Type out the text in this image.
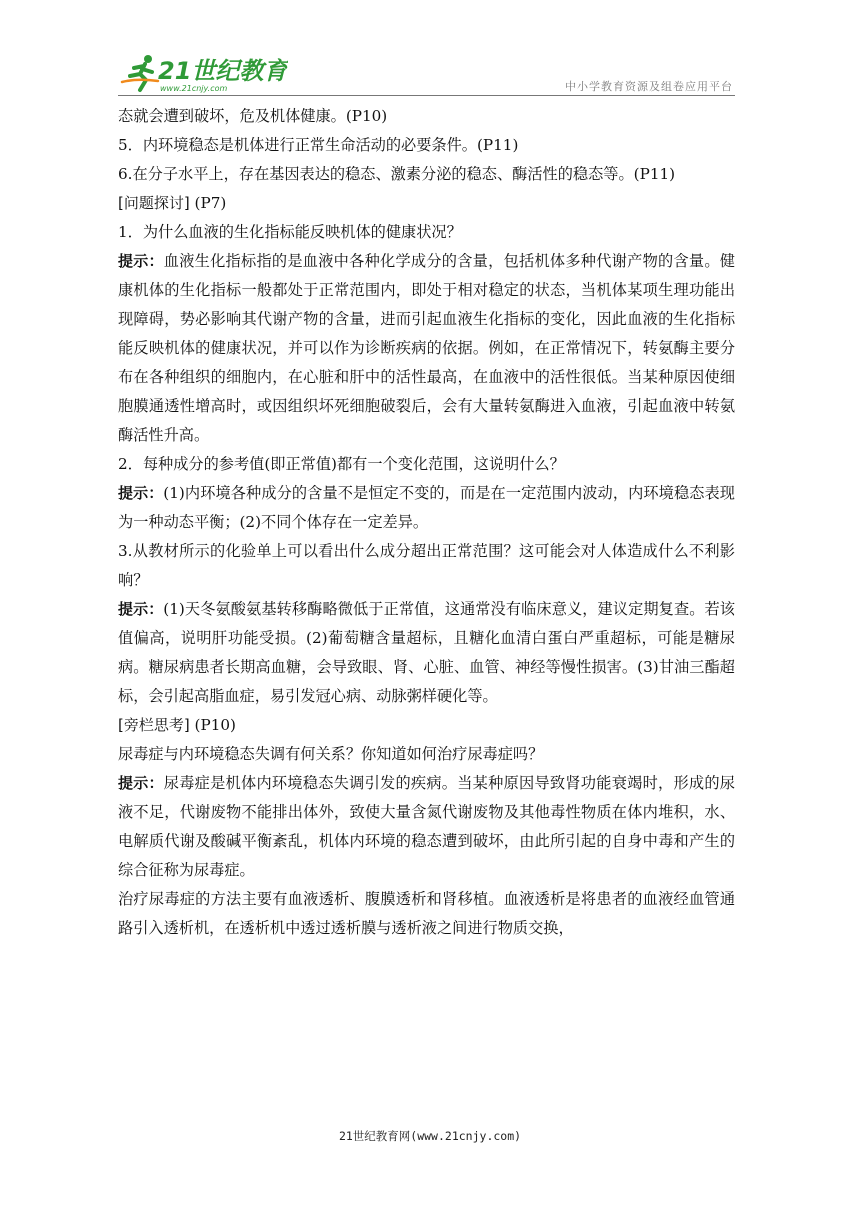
21世纪教育
www.21cnjy.com	中小学教育资源及组卷应用平台

态就会遭到破坏，危及机体健康。(P10)

5．内环境稳态是机体进行正常生命活动的必要条件。(P11)

6.在分子水平上，存在基因表达的稳态、激素分泌的稳态、酶活性的稳态等。(P11)

[问题探讨] (P7)

1．为什么血液的生化指标能反映机体的健康状况？

提示：血液生化指标指的是血液中各种化学成分的含量，包括机体多种代谢产物的含量。健康机体的生化指标一般都处于正常范围内，即处于相对稳定的状态，当机体某项生理功能出现障碍，势必影响其代谢产物的含量，进而引起血液生化指标的变化，因此血液的生化指标能反映机体的健康状况，并可以作为诊断疾病的依据。例如，在正常情况下，转氨酶主要分布在各种组织的细胞内，在心脏和肝中的活性最高，在血液中的活性很低。当某种原因使细胞膜通透性增高时，或因组织坏死细胞破裂后，会有大量转氨酶进入血液，引起血液中转氨酶活性升高。

2．每种成分的参考值(即正常值)都有一个变化范围，这说明什么？

提示：(1)内环境各种成分的含量不是恒定不变的，而是在一定范围内波动，内环境稳态表现为一种动态平衡；(2)不同个体存在一定差异。

3.从教材所示的化验单上可以看出什么成分超出正常范围？这可能会对人体造成什么不利影响？

提示：(1)天冬氨酸氨基转移酶略微低于正常值，这通常没有临床意义，建议定期复查。若该值偏高，说明肝功能受损。(2)葡萄糖含量超标，且糖化血清白蛋白严重超标，可能是糖尿病。糖尿病患者长期高血糖，会导致眼、肾、心脏、血管、神经等慢性损害。(3)甘油三酯超标，会引起高脂血症，易引发冠心病、动脉粥样硬化等。

[旁栏思考] (P10)

尿毒症与内环境稳态失调有何关系？你知道如何治疗尿毒症吗？

提示：尿毒症是机体内环境稳态失调引发的疾病。当某种原因导致肾功能衰竭时，形成的尿液不足，代谢废物不能排出体外，致使大量含氮代谢废物及其他毒性物质在体内堆积，水、电解质代谢及酸碱平衡紊乱，机体内环境的稳态遭到破坏，由此所引起的自身中毒和产生的综合征称为尿毒症。

治疗尿毒症的方法主要有血液透析、腹膜透析和肾移植。血液透析是将患者的血液经血管通路引入透析机，在透析机中透过透析膜与透析液之间进行物质交换，

21世纪教育网(www.21cnjy.com)
